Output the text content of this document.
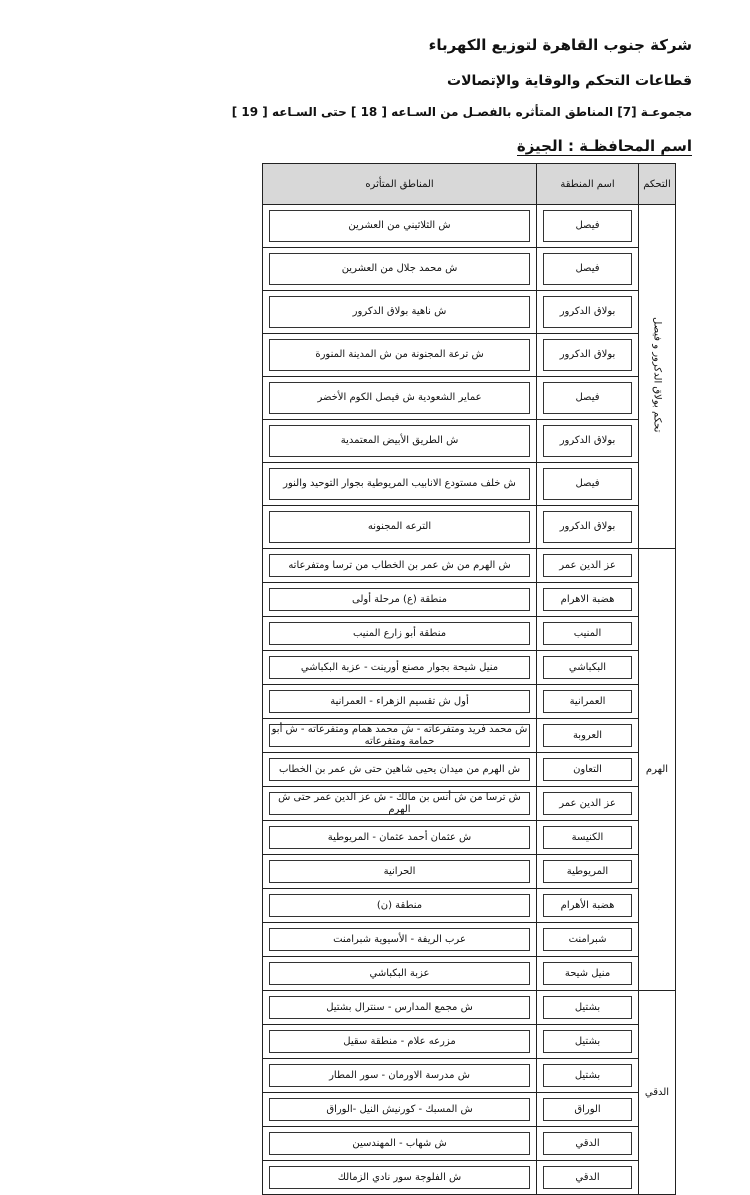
شركة جنوب القاهرة لتوزيع الكهرباء
قطاعات التحكم والوقاية والإتصالات
مجموعـة [7] المناطق المتأثره بالفصـل من السـاعه [ 18 ] حتى السـاعه [ 19 ]
اسم المحافظـة : الجيزة
التحكم	اسم المنطقة	المناطق المتأثره
تحكم بولاق الدكرور و فيصل	فيصل	ش الثلاثيني من العشرين

فيصل	ش محمد جلال من العشرين

بولاق الدكرور	ش ناهية بولاق الدكرور

بولاق الدكرور	ش ترعة المجنونة من ش المدينة المنورة

فيصل	عماير الشعودية ش فيصل الكوم الأخضر

بولاق الدكرور	ش الطريق الأبيض المعتمدية

فيصل	ش خلف مستودع الانابيب المريوطية بجوار التوحيد والنور

بولاق الدكرور	الترعه المجنونه

الهرم	عز الدين عمر	ش الهرم من ش عمر بن الخطاب من ترسا ومتفرعاته

هضبة الاهرام	منطقة (ع) مرحلة أولى

المنيب	منطقة أبو زارع المنيب

البكباشي	منيل شيحة بجوار مصنع أورينت - عزبة البكباشي

العمرانية	أول ش تقسيم الزهراء - العمرانية

العروبة	ش محمد فريد ومتفرعاته - ش محمد همام ومتفرعاته - ش أبو حمامة ومتفرعاته

التعاون	ش الهرم من ميدان يحيى شاهين حتى ش عمر بن الخطاب

عز الدين عمر	ش ترسا من ش أنس بن مالك - ش عز الدين عمر حتى ش الهرم

الكنيسة	ش عثمان أحمد عثمان - المريوطية

المريوطية	الحرانية

هضبة الأهرام	منطقة (ن)

شبرامنت	عرب الريفة - الأسيوية شبرامنت

منيل شيحة	عزبة البكباشي

الدقي	بشتيل	ش مجمع المدارس - سنترال بشتيل

بشتيل	مزرعه علام - منطقة سقيل

بشتيل	ش مدرسة الاورمان - سور المطار

الوراق	ش المسبك - كورنيش النيل -الوراق

الدقي	ش شهاب - المهندسين

الدقي	ش الفلوجة سور نادي الزمالك
